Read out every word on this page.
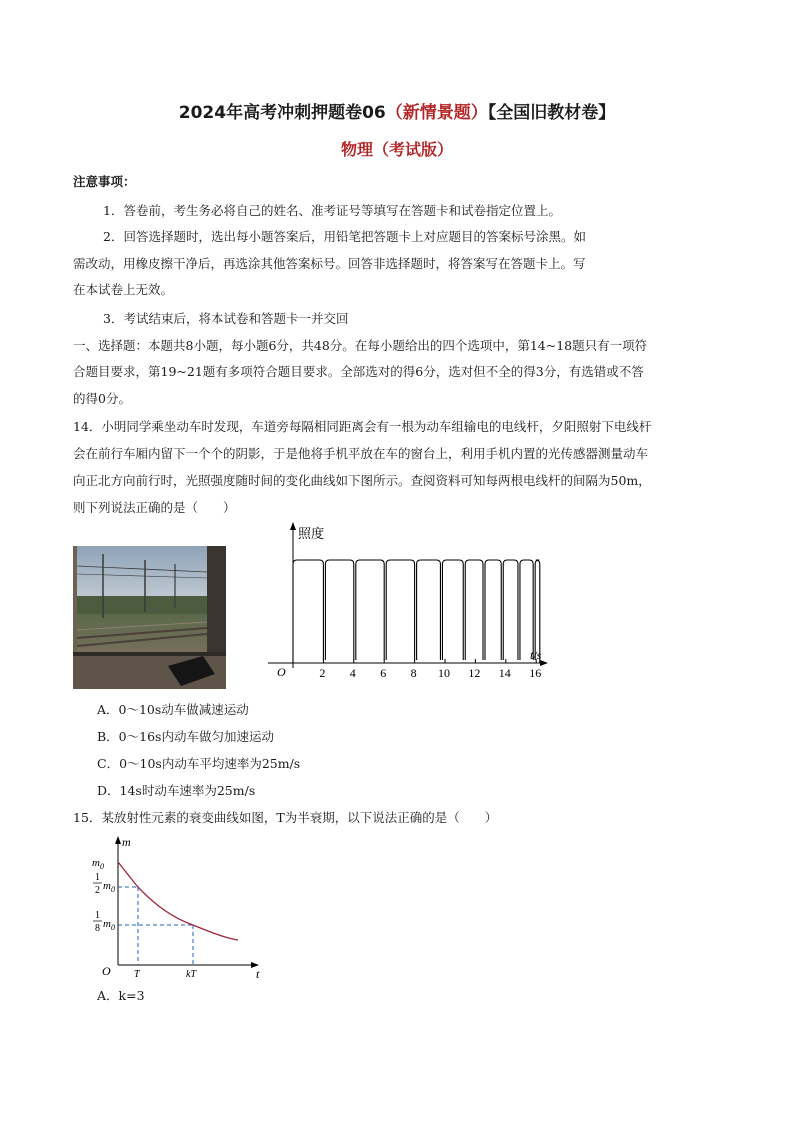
2024年高考冲刺押题卷06（新情景题）【全国旧教材卷】
物理（考试版）
注意事项：
1．答卷前，考生务必将自己的姓名、准考证号等填写在答题卡和试卷指定位置上。
2．回答选择题时，选出每小题答案后，用铅笔把答题卡上对应题目的答案标号涂黑。如
需改动，用橡皮擦干净后，再选涂其他答案标号。回答非选择题时，将答案写在答题卡上。写
在本试卷上无效。
3．考试结束后，将本试卷和答题卡一并交回
一、选择题：本题共8小题，每小题6分，共48分。在每小题给出的四个选项中，第14~18题只有一项符
合题目要求，第19~21题有多项符合题目要求。全部选对的得6分，选对但不全的得3分，有选错或不答
的得0分。
14．小明同学乘坐动车时发现，车道旁每隔相同距离会有一根为动车组输电的电线杆，夕阳照射下电线杆
会在前行车厢内留下一个个的阴影，于是他将手机平放在车的窗台上，利用手机内置的光传感器测量动车
向正北方向前行时，光照强度随时间的变化曲线如下图所示。查阅资料可知每两根电线杆的间隔为50m，
则下列说法正确的是（　　）
照度
t/s
O	2 4 6 8 10 12 14 16
A．0～10s动车做减速运动
B．0～16s内动车做匀加速运动
C．0～10s内动车平均速率为25m/s
D．14s时动车速率为25m/s
15．某放射性元素的衰变曲线如图，T为半衰期，以下说法正确的是（　　）
m
t
O
$m_0$
1
2 $m_0$
1
8 $m_0$
T	kT
A．k=3
